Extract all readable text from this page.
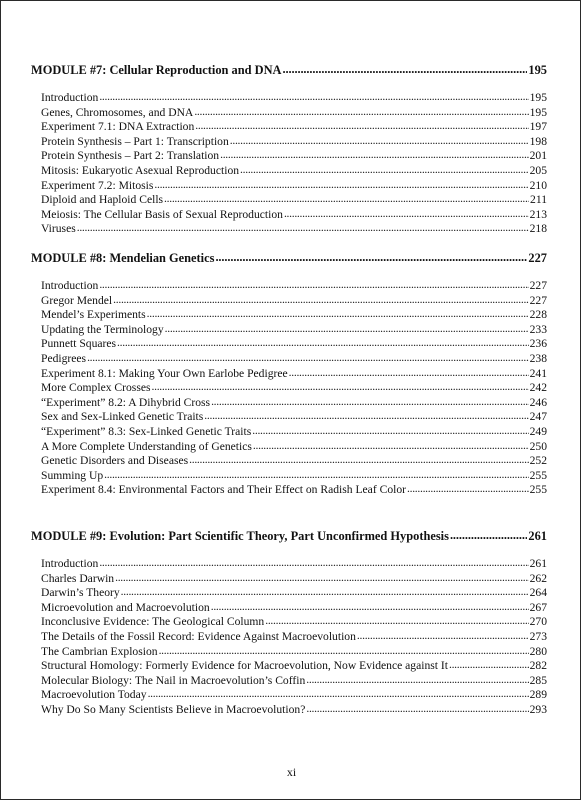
MODULE #7: Cellular Reproduction and DNA . . .	195
Introduction . . .	195
Genes, Chromosomes, and DNA . . .	195
Experiment 7.1: DNA Extraction . . .	197
Protein Synthesis – Part 1: Transcription . . .	198
Protein Synthesis – Part 2: Translation . . .	201
Mitosis: Eukaryotic Asexual Reproduction . . .	205
Experiment 7.2: Mitosis . . .	210
Diploid and Haploid Cells . . .	211
Meiosis: The Cellular Basis of Sexual Reproduction . . .	213
Viruses . . .	218
MODULE #8: Mendelian Genetics . . .	227
Introduction . . .	227
Gregor Mendel . . .	227
Mendel’s Experiments . . .	228
Updating the Terminology . . .	233
Punnett Squares . . .	236
Pedigrees . . .	238
Experiment 8.1: Making Your Own Earlobe Pedigree . . .	241
More Complex Crosses . . .	242
“Experiment” 8.2: A Dihybrid Cross . . .	246
Sex and Sex-Linked Genetic Traits . . .	247
“Experiment” 8.3: Sex-Linked Genetic Traits . . .	249
A More Complete Understanding of Genetics . . .	250
Genetic Disorders and Diseases . . .	252
Summing Up . . .	255
Experiment 8.4: Environmental Factors and Their Effect on Radish Leaf Color . . .	255
MODULE #9: Evolution: Part Scientific Theory, Part Unconfirmed Hypothesis . . .	261
Introduction . . .	261
Charles Darwin . . .	262
Darwin’s Theory . . .	264
Microevolution and Macroevolution . . .	267
Inconclusive Evidence: The Geological Column . . .	270
The Details of the Fossil Record: Evidence Against Macroevolution . . .	273
The Cambrian Explosion . . .	280
Structural Homology: Formerly Evidence for Macroevolution, Now Evidence against It . . .	282
Molecular Biology: The Nail in Macroevolution’s Coffin . . .	285
Macroevolution Today . . .	289
Why Do So Many Scientists Believe in Macroevolution? . . .	293
xi
